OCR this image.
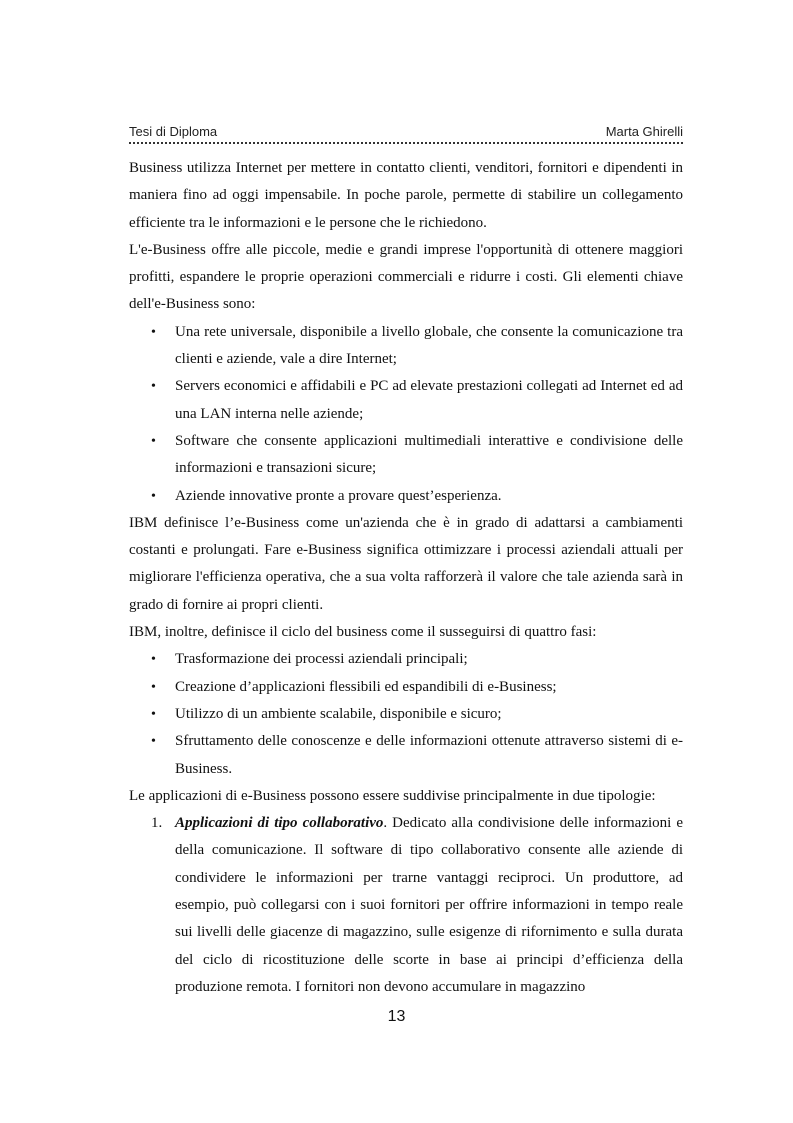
Tesi di Diploma	Marta Ghirelli

Business utilizza Internet per mettere in contatto clienti, venditori, fornitori e dipendenti in maniera fino ad oggi impensabile. In poche parole, permette di stabilire un collegamento efficiente tra le informazioni e le persone che le richiedono.

L'e-Business offre alle piccole, medie e grandi imprese l'opportunità di ottenere maggiori profitti, espandere le proprie operazioni commerciali e ridurre i costi. Gli elementi chiave dell'e-Business sono:

• Una rete universale, disponibile a livello globale, che consente la comunicazione tra clienti e aziende, vale a dire Internet;
• Servers economici e affidabili e PC ad elevate prestazioni collegati ad Internet ed ad una LAN interna nelle aziende;
• Software che consente applicazioni multimediali interattive e condivisione delle informazioni e transazioni sicure;
• Aziende innovative pronte a provare quest’esperienza.

IBM definisce l’e-Business come un'azienda che è in grado di adattarsi a cambiamenti costanti e prolungati. Fare e-Business significa ottimizzare i processi aziendali attuali per migliorare l'efficienza operativa, che a sua volta rafforzerà il valore che tale azienda sarà in grado di fornire ai propri clienti.

IBM, inoltre, definisce il ciclo del business come il susseguirsi di quattro fasi:

• Trasformazione dei processi aziendali principali;
• Creazione d’applicazioni flessibili ed espandibili di e-Business;
• Utilizzo di un ambiente scalabile, disponibile e sicuro;
• Sfruttamento delle conoscenze e delle informazioni ottenute attraverso sistemi di e-Business.

Le applicazioni di e-Business possono essere suddivise principalmente in due tipologie:

1. Applicazioni di tipo collaborativo. Dedicato alla condivisione delle informazioni e della comunicazione. Il software di tipo collaborativo consente alle aziende di condividere le informazioni per trarne vantaggi reciproci. Un produttore, ad esempio, può collegarsi con i suoi fornitori per offrire informazioni in tempo reale sui livelli delle giacenze di magazzino, sulle esigenze di rifornimento e sulla durata del ciclo di ricostituzione delle scorte in base ai principi d’efficienza della produzione remota. I fornitori non devono accumulare in magazzino
13
